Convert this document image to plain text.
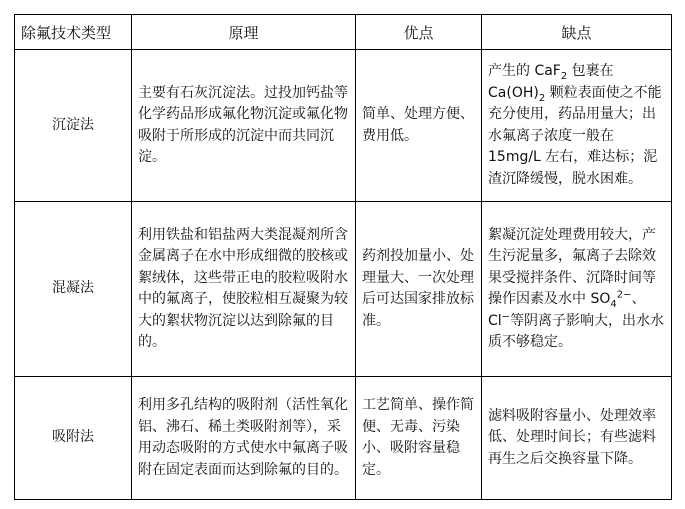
除氟技术类型	原理	优点	缺点
沉淀法	主要有石灰沉淀法。过投加钙盐等化学药品形成氟化物沉淀或氟化物吸附于所形成的沉淀中而共同沉淀。	简单、处理方便、费用低。	产生的 CaF$_2$ 包裹在 $Ca(OH)_2$ 颗粒表面使之不能充分使用，药品用量大；出水氟离子浓度一般在 15mg/L 左右，难达标；泥渣沉降缓慢，脱水困难。
混凝法	利用铁盐和铝盐两大类混凝剂所含金属离子在水中形成细微的胶核或絮绒体，这些带正电的胶粒吸附水中的氟离子，使胶粒相互凝聚为较大的絮状物沉淀以达到除氟的目的。	药剂投加量小、处理量大、一次处理后可达国家排放标准。	絮凝沉淀处理费用较大，产生污泥量多，氟离子去除效果受搅拌条件、沉降时间等操作因素及水中 $SO_4^{2-}$、Cl−等阴离子影响大，出水水质不够稳定。
吸附法	利用多孔结构的吸附剂（活性氧化铝、沸石、稀土类吸附剂等），采用动态吸附的方式使水中氟离子吸附在固定表面而达到除氟的目的。	工艺简单、操作简便、无毒、污染小、吸附容量稳定。	滤料吸附容量小、处理效率低、处理时间长；有些滤料再生之后交换容量下降。
